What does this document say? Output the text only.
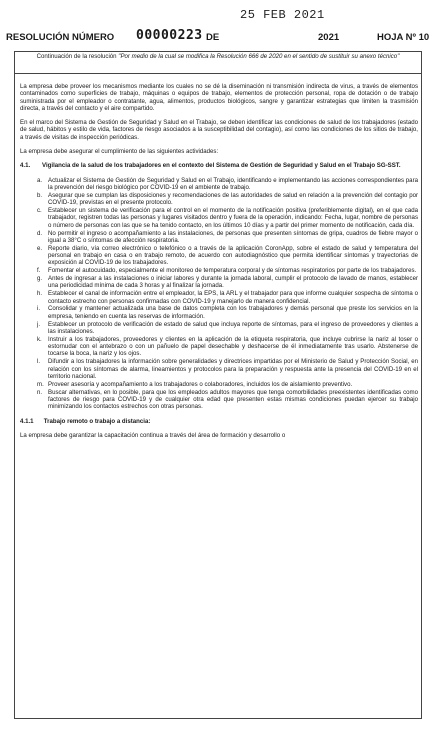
25 FEB 2021
RESOLUCIÓN NÚMERO 00000223 DE	2021	HOJA Nº 10
Continuación de la resolución "Por medio de la cual se modifica la Resolución 666 de 2020 en el sentido de sustituir su anexo técnico"

La empresa debe proveer los mecanismos mediante los cuales no se dé la diseminación ni transmisión indirecta de virus, a través de elementos contaminados como superficies de trabajo, máquinas o equipos de trabajo, elementos de protección personal, ropa de dotación o de trabajo suministrada por el empleador o contratante, agua, alimentos, productos biológicos, sangre y garantizar estrategias que limiten la trasmisión directa, a través del contacto y el aire compartido.

En el marco del Sistema de Gestión de Seguridad y Salud en el Trabajo, se deben identificar las condiciones de salud de los trabajadores (estado de salud, hábitos y estilo de vida, factores de riesgo asociados a la susceptibilidad del contagio), así como las condiciones de los sitios de trabajo, a través de visitas de inspección periódicas.

La empresa debe asegurar el cumplimiento de las siguientes actividades:

4.1.	Vigilancia de la salud de los trabajadores en el contexto del Sistema de Gestión de Seguridad y Salud en el Trabajo SG-SST.
a. Actualizar el Sistema de Gestión de Seguridad y Salud en el Trabajo, identificando e implementando las acciones correspondientes para la prevención del riesgo biológico por COVID-19 en el ambiente de trabajo.
b. Asegurar que se cumplan las disposiciones y recomendaciones de las autoridades de salud en relación a la prevención del contagio por COVID-19, previstas en el presente protocolo.
c.	Establecer un sistema de verificación para el control en el momento de la notificación positiva (preferiblemente digital), en el que cada trabajador, registren todas las personas y lugares visitados dentro y fuera de la operación, indicando: Fecha, lugar, nombre de personas o número de personas con las que se ha tenido contacto, en los últimos 10 días y a partir del primer momento de notificación, cada día.
d. No permitir el ingreso o acompañamiento a las instalaciones, de personas que presenten síntomas de gripa, cuadros de fiebre mayor o igual a 38°C o síntomas de afección respiratoria.
e. Reporte diario, vía correo electrónico o telefónico o a través de la aplicación CoronApp, sobre el estado de salud y temperatura del personal en trabajo en casa o en trabajo remoto, de acuerdo con autodiagnóstico que permita identificar síntomas y trayectorias de exposición al COVID-19 de los trabajadores.
f.	Fomentar el autocuidado, especialmente el monitoreo de temperatura corporal y de síntomas respiratorios por parte de los trabajadores.
g. Antes de ingresar a las instalaciones o iniciar labores y durante la jornada laboral, cumplir el protocolo de lavado de manos, establecer una periodicidad mínima de cada 3 horas y al finalizar la jornada.
h. Establecer el canal de información entre el empleador, la EPS, la ARL y el trabajador para que informe cualquier sospecha de síntoma o contacto estrecho con personas confirmadas con COVID-19 y manejarlo de manera confidencial.
i.	Consolidar y mantener actualizada una base de datos completa con los trabajadores y demás personal que preste los servicios en la empresa, teniendo en cuenta las reservas de información.
j.	Establecer un protocolo de verificación de estado de salud que incluya reporte de síntomas, para el ingreso de proveedores y clientes a las instalaciones.
k.	Instruir a los trabajadores, proveedores y clientes en la aplicación de la etiqueta respiratoria, que incluye cubrirse la nariz al toser o estornudar con el antebrazo o con un pañuelo de papel desechable y deshacerse de él inmediatamente tras usarlo. Abstenerse de tocarse la boca, la nariz y los ojos.
l.	Difundir a los trabajadores la información sobre generalidades y directrices impartidas por el Ministerio de Salud y Protección Social, en relación con los síntomas de alarma, lineamientos y protocolos para la preparación y respuesta ante la presencia del COVID-19 en el territorio nacional.
m. Proveer asesoría y acompañamiento a los trabajadores o colaboradores, incluidos los de aislamiento preventivo.
n. Buscar alternativas, en lo posible, para que los empleados adultos mayores que tenga comorbilidades preexistentes identificadas como factores de riesgo para COVID-19 y de cualquier otra edad que presenten estas mismas condiciones puedan ejercer su trabajo minimizando los contactos estrechos con otras personas.
4.1.1 Trabajo remoto o trabajo a distancia:

La empresa debe garantizar la capacitación continua a través del área de formación y desarrollo o
